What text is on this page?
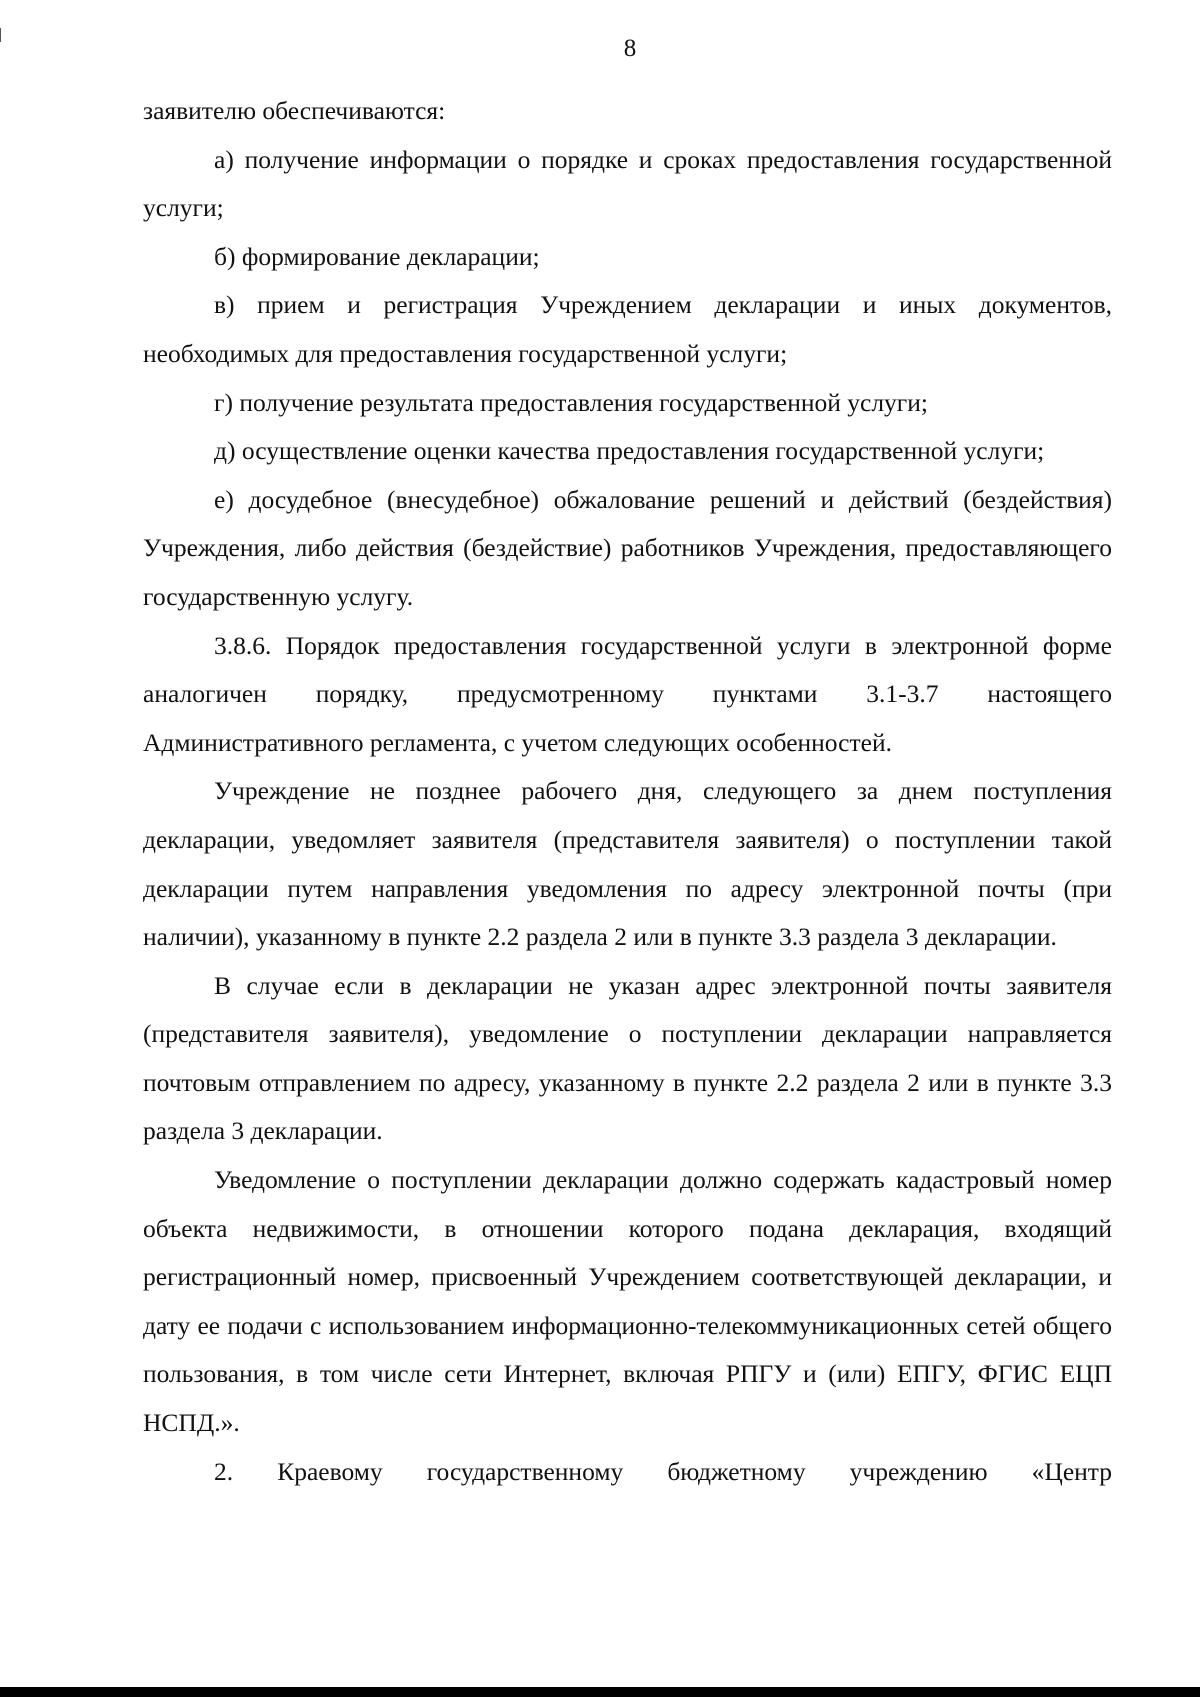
8

заявителю обеспечиваются:

а) получение информации о порядке и сроках предоставления государственной услуги;

б) формирование декларации;

в) прием и регистрация Учреждением декларации и иных документов, необходимых для предоставления государственной услуги;

г) получение результата предоставления государственной услуги;

д) осуществление оценки качества предоставления государственной услуги;

е) досудебное (внесудебное) обжалование решений и действий (бездействия) Учреждения, либо действия (бездействие) работников Учреждения, предоставляющего государственную услугу.

3.8.6. Порядок предоставления государственной услуги в электронной форме аналогичен порядку, предусмотренному пунктами 3.1-3.7 настоящего Административного регламента, с учетом следующих особенностей.

Учреждение не позднее рабочего дня, следующего за днем поступления декларации, уведомляет заявителя (представителя заявителя) о поступлении такой декларации путем направления уведомления по адресу электронной почты (при наличии), указанному в пункте 2.2 раздела 2 или в пункте 3.3 раздела 3 декларации.

В случае если в декларации не указан адрес электронной почты заявителя (представителя заявителя), уведомление о поступлении декларации направляется почтовым отправлением по адресу, указанному в пункте 2.2 раздела 2 или в пункте 3.3 раздела 3 декларации.

Уведомление о поступлении декларации должно содержать кадастровый номер объекта недвижимости, в отношении которого подана декларация, входящий регистрационный номер, присвоенный Учреждением соответствующей декларации, и дату ее подачи с использованием информационно-телекоммуникационных сетей общего пользования, в том числе сети Интернет, включая РПГУ и (или) ЕПГУ, ФГИС ЕЦП НСПД.».

2. Краевому государственному бюджетному учреждению «Центр
